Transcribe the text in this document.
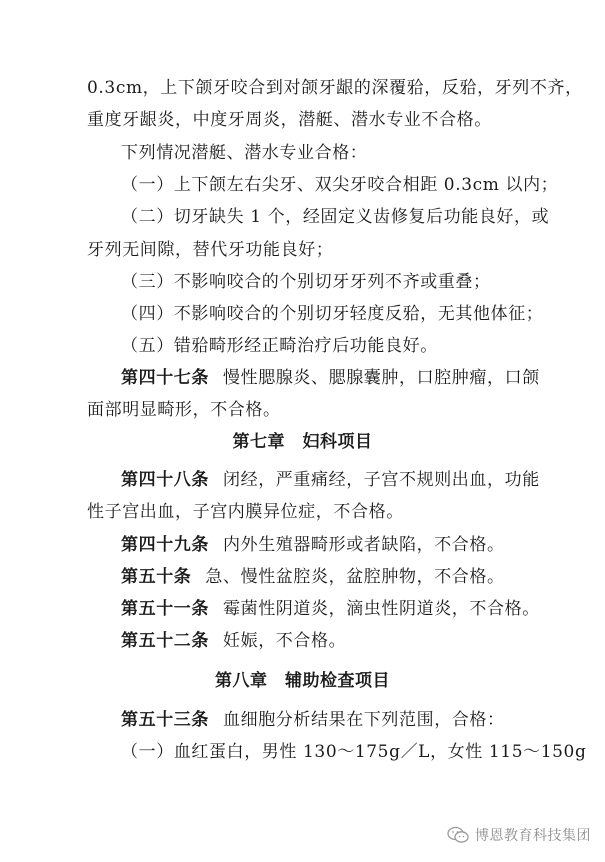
0.3cm，上下颌牙咬合到对颌牙龈的深覆𬌗，反𬌗，牙列不齐，
重度牙龈炎，中度牙周炎，潜艇、潜水专业不合格。
下列情况潜艇、潜水专业合格：
（一）上下颌左右尖牙、双尖牙咬合相距 0.3cm 以内；
（二）切牙缺失 1 个，经固定义齿修复后功能良好，或
牙列无间隙，替代牙功能良好；
（三）不影响咬合的个别切牙牙列不齐或重叠；
（四）不影响咬合的个别切牙轻度反𬌗，无其他体征；
（五）错𬌗畸形经正畸治疗后功能良好。
第四十七条 慢性腮腺炎、腮腺囊肿，口腔肿瘤，口颌
面部明显畸形，不合格。
第七章　妇科项目
第四十八条 闭经，严重痛经，子宫不规则出血，功能
性子宫出血，子宫内膜异位症，不合格。
第四十九条 内外生殖器畸形或者缺陷，不合格。
第五十条 急、慢性盆腔炎，盆腔肿物，不合格。
第五十一条 霉菌性阴道炎，滴虫性阴道炎，不合格。
第五十二条 妊娠，不合格。
第八章　辅助检查项目
第五十三条 血细胞分析结果在下列范围，合格：
（一）血红蛋白，男性 130～175g／L，女性 115～150g
博恩教育科技集团
